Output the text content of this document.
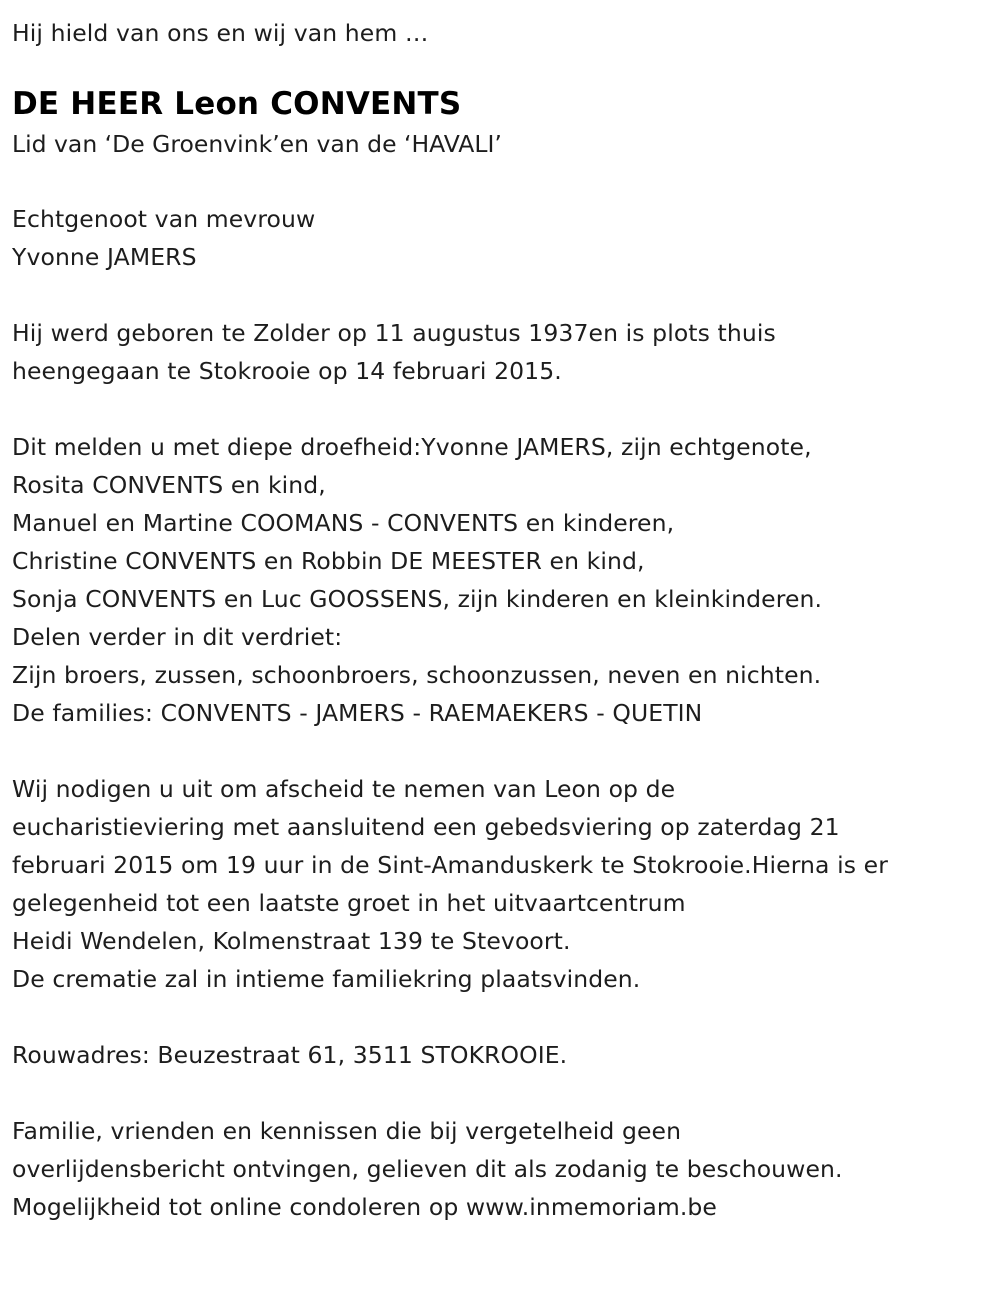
Hij hield van ons en wij van hem …
DE HEER Leon CONVENTS
Lid van ‘De Groenvink’en van de ‘HAVALI’
Echtgenoot van mevrouw
Yvonne JAMERS
Hij werd geboren te Zolder op 11 augustus 1937en is plots thuis
heengegaan te Stokrooie op 14 februari 2015.
Dit melden u met diepe droefheid:Yvonne JAMERS, zijn echtgenote,
Rosita CONVENTS en kind,
Manuel en Martine COOMANS - CONVENTS en kinderen,
Christine CONVENTS en Robbin DE MEESTER en kind,
Sonja CONVENTS en Luc GOOSSENS, zijn kinderen en kleinkinderen.
Delen verder in dit verdriet:
Zijn broers, zussen, schoonbroers, schoonzussen, neven en nichten.
De families: CONVENTS - JAMERS - RAEMAEKERS - QUETIN
Wij nodigen u uit om afscheid te nemen van Leon op de
eucharistieviering met aansluitend een gebedsviering op zaterdag 21
februari 2015 om 19 uur in de Sint-Amanduskerk te Stokrooie.Hierna is er
gelegenheid tot een laatste groet in het uitvaartcentrum
Heidi Wendelen, Kolmenstraat 139 te Stevoort.
De crematie zal in intieme familiekring plaatsvinden.
Rouwadres: Beuzestraat 61, 3511 STOKROOIE.
Familie, vrienden en kennissen die bij vergetelheid geen
overlijdensbericht ontvingen, gelieven dit als zodanig te beschouwen.
Mogelijkheid tot online condoleren op www.inmemoriam.be
